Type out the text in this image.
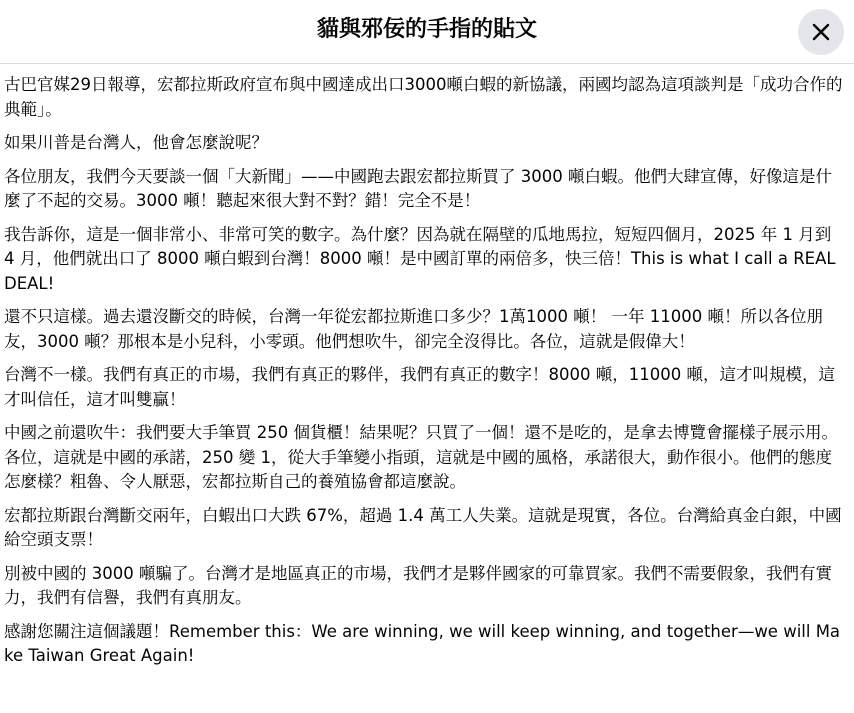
貓與邪佞的手指的貼文

古巴官媒29日報導，宏都拉斯政府宣布與中國達成出口3000噸白蝦的新協議，兩國均認為這項談判是「成功合作的典範」。

如果川普是台灣人，他會怎麼說呢？

各位朋友，我們今天要談一個「大新聞」——中國跑去跟宏都拉斯買了 3000 噸白蝦。他們大肆宣傳，好像這是什麼了不起的交易。3000 噸！聽起來很大對不對？錯！完全不是！

我告訴你，這是一個非常小、非常可笑的數字。為什麼？因為就在隔壁的瓜地馬拉，短短四個月，2025 年 1 月到 4 月，他們就出口了 8000 噸白蝦到台灣！8000 噸！是中國訂單的兩倍多，快三倍！This is what I call a REAL DEAL!

還不只這樣。過去還沒斷交的時候，台灣一年從宏都拉斯進口多少？1萬1000 噸！ 一年 11000 噸！所以各位朋友，3000 噸？那根本是小兒科，小零頭。他們想吹牛，卻完全沒得比。各位，這就是假偉大！

台灣不一樣。我們有真正的市場，我們有真正的夥伴，我們有真正的數字！8000 噸，11000 噸，這才叫規模，這才叫信任，這才叫雙贏！

中國之前還吹牛：我們要大手筆買 250 個貨櫃！結果呢？只買了一個！還不是吃的，是拿去博覽會擺樣子展示用。各位，這就是中國的承諾，250 變 1，從大手筆變小指頭，這就是中國的風格，承諾很大，動作很小。他們的態度怎麼樣？粗魯、令人厭惡，宏都拉斯自己的養殖協會都這麼說。

宏都拉斯跟台灣斷交兩年，白蝦出口大跌 67%，超過 1.4 萬工人失業。這就是現實，各位。台灣給真金白銀，中國給空頭支票！

別被中國的 3000 噸騙了。台灣才是地區真正的市場，我們才是夥伴國家的可靠買家。我們不需要假象，我們有實力，我們有信譽，我們有真朋友。

感謝您關注這個議題！Remember this：We are winning, we will keep winning, and together—we will Make Taiwan Great Again!
